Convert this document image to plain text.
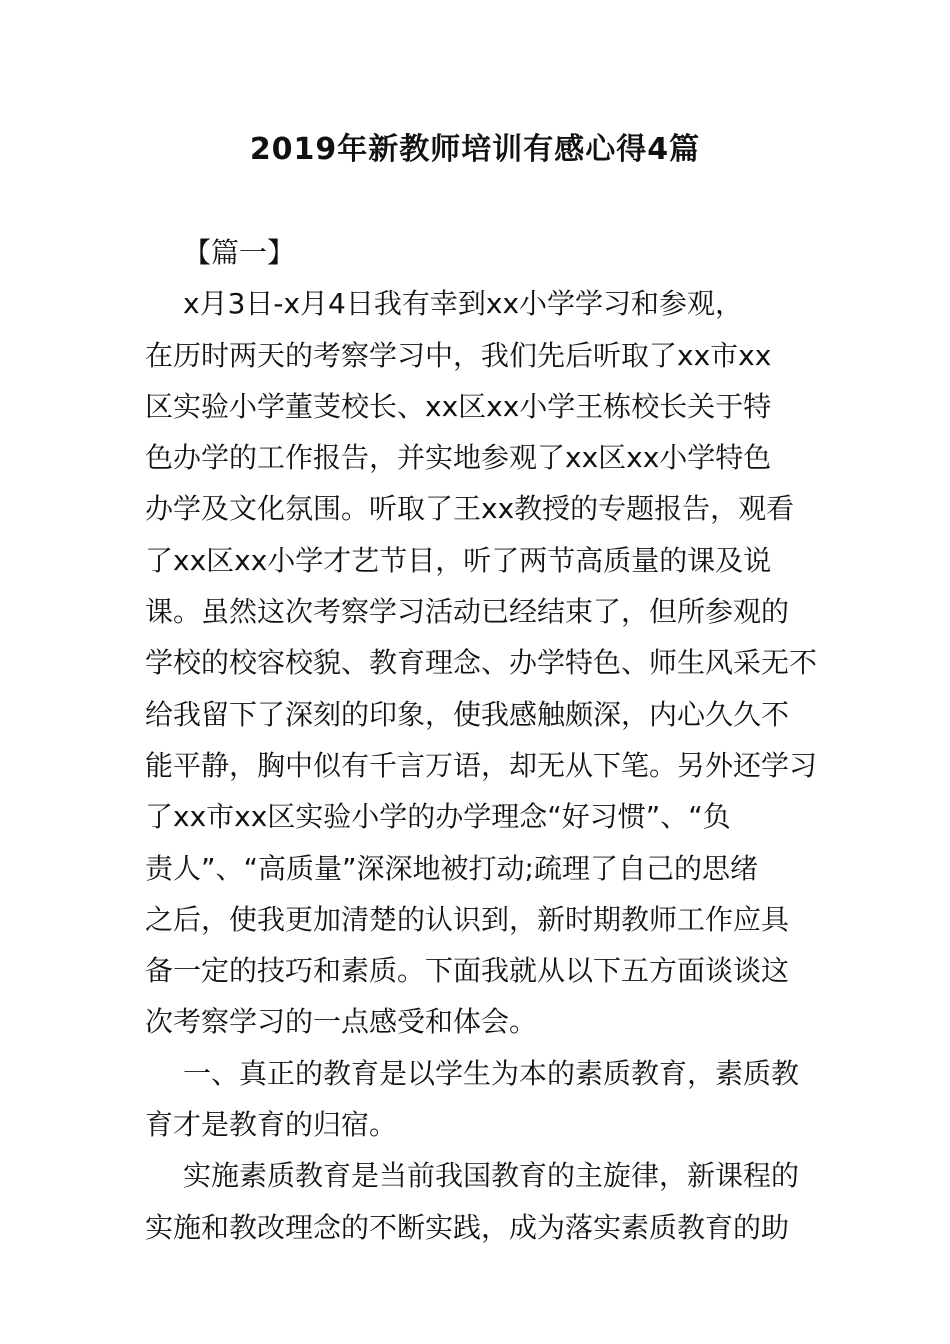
2019年新教师培训有感心得4篇
【篇一】
x月3日-x月4日我有幸到xx小学学习和参观，
在历时两天的考察学习中，我们先后听取了xx市xx
区实验小学董芰校长、xx区xx小学王栋校长关于特
色办学的工作报告，并实地参观了xx区xx小学特色
办学及文化氛围。听取了王xx教授的专题报告，观看
了xx区xx小学才艺节目，听了两节高质量的课及说
课。虽然这次考察学习活动已经结束了，但所参观的
学校的校容校貌、教育理念、办学特色、师生风采无不
给我留下了深刻的印象，使我感触颇深，内心久久不
能平静，胸中似有千言万语，却无从下笔。另外还学习
了xx市xx区实验小学的办学理念“好习惯”、“负
责人”、“高质量”深深地被打动;疏理了自己的思绪
之后，使我更加清楚的认识到，新时期教师工作应具
备一定的技巧和素质。下面我就从以下五方面谈谈这
次考察学习的一点感受和体会。
一、真正的教育是以学生为本的素质教育，素质教
育才是教育的归宿。
实施素质教育是当前我国教育的主旋律，新课程的
实施和教改理念的不断实践，成为落实素质教育的助
